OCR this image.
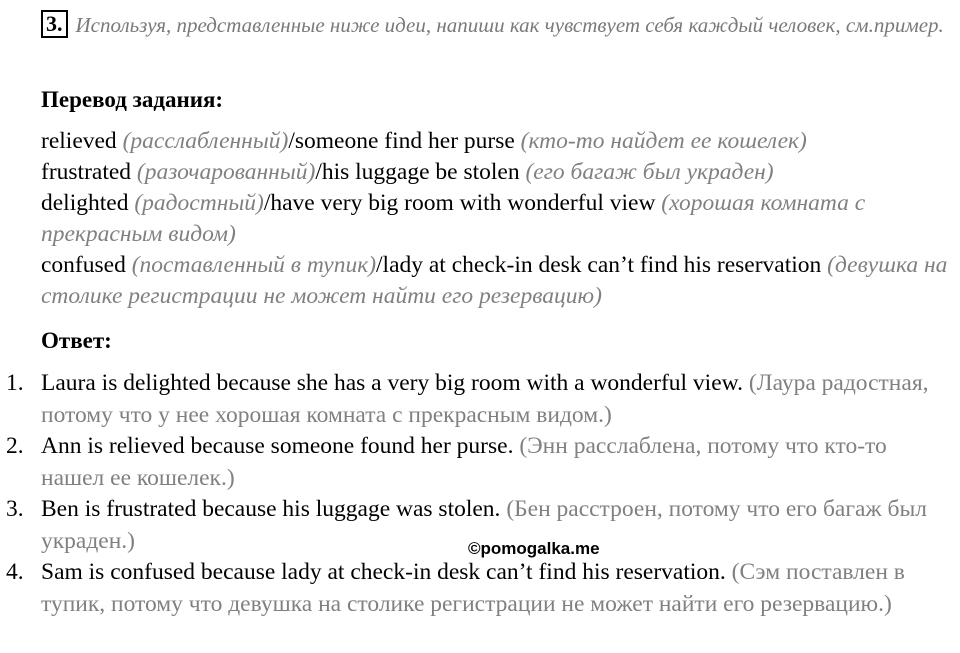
3. Используя, представленные ниже идеи, напиши как чувствует себя каждый человек, см.пример.
Перевод задания:
relieved (расслабленный)/someone find her purse (кто-то найдет ее кошелек)
frustrated (разочарованный)/his luggage be stolen (его багаж был украден)
delighted (радостный)/have very big room with wonderful view (хорошая комната с прекрасным видом)
confused (поставленный в тупик)/lady at check-in desk can’t find his reservation (девушка на столике регистрации не может найти его резервацию)
Ответ:
1. Laura is delighted because she has a very big room with a wonderful view. (Лаура радостная, потому что у нее хорошая комната с прекрасным видом.)
2. Ann is relieved because someone found her purse. (Энн расслаблена, потому что кто-то нашел ее кошелек.)
3. Ben is frustrated because his luggage was stolen. (Бен расстроен, потому что его багаж был украден.)
4. Sam is confused because lady at check-in desk can’t find his reservation. (Сэм поставлен в тупик, потому что девушка на столике регистрации не может найти его резервацию.)
©pomogalka.me
